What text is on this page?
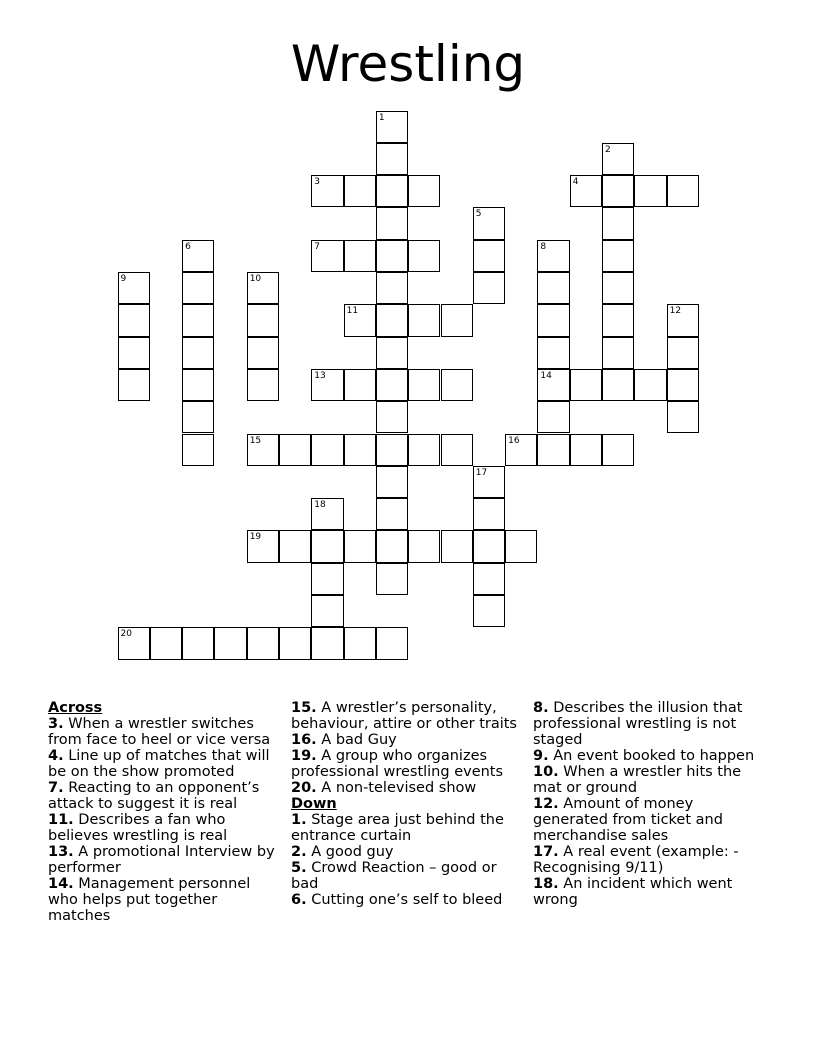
Wrestling
1
2
3	4
5
6	7	8
14
9	10
11	12
13
15	16
17
18
19
20

Across

3. When a wrestler switches from face to heel or vice versa

4. Line up of matches that will be on the show promoted

7. Reacting to an opponent’s attack to suggest it is real

11. Describes a fan who believes wrestling is real

13. A promotional Interview by performer

14. Management personnel who helps put together matches

15. A wrestler’s personality, behaviour, attire or other traits

16. A bad Guy

19. A group who organizes professional wrestling events

20. A non-televised show

Down

1. Stage area just behind the entrance curtain

2. A good guy

5. Crowd Reaction – good or bad

6. Cutting one’s self to bleed

8. Describes the illusion that professional wrestling is not staged

9. An event booked to happen

10. When a wrestler hits the mat or ground

12. Amount of money generated from ticket and merchandise sales

17. A real event (example: - Recognising 9/11)

18. An incident which went wrong
